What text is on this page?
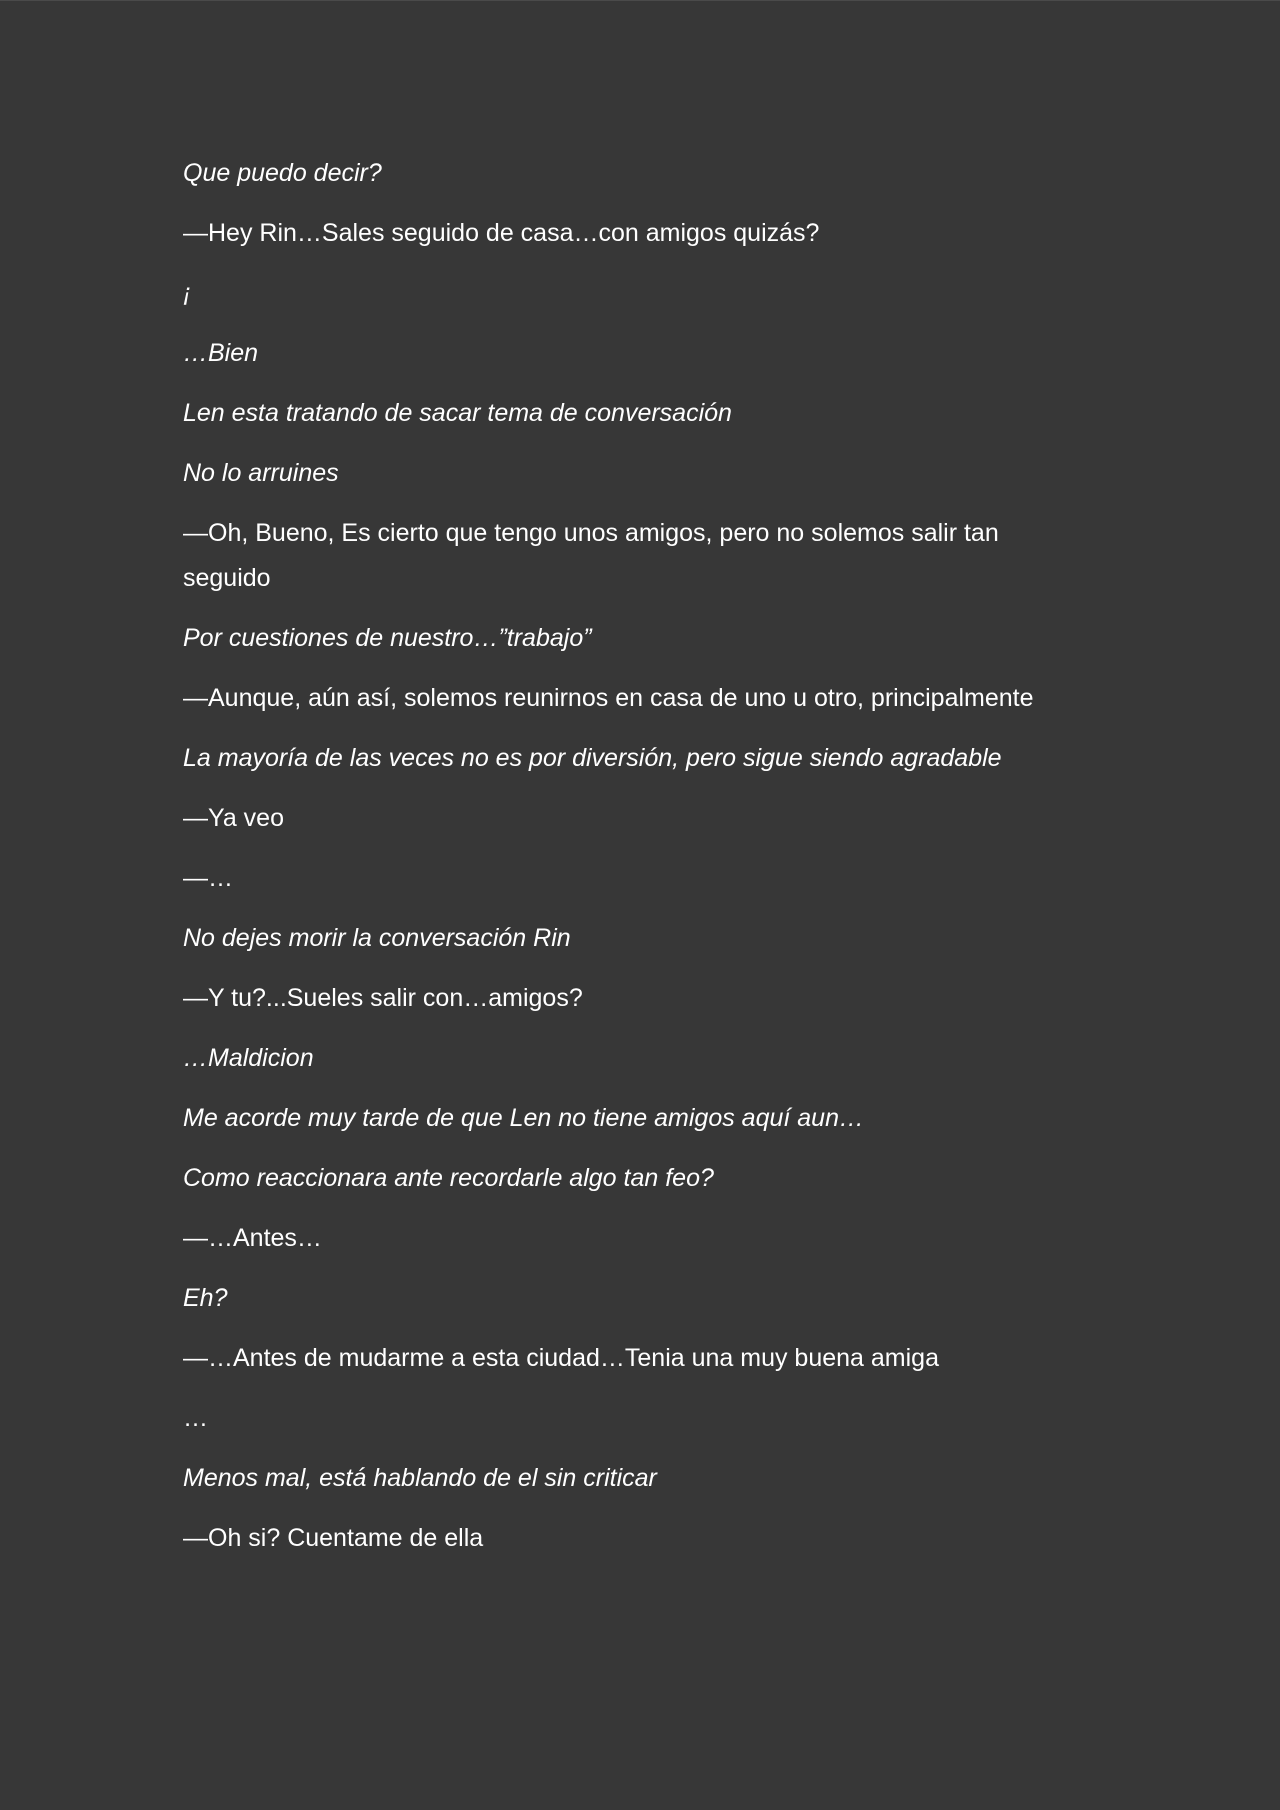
Que puedo decir?

—Hey Rin…Sales seguido de casa…con amigos quizás?

¡

…Bien

Len esta tratando de sacar tema de conversación

No lo arruines

—Oh, Bueno, Es cierto que tengo unos amigos, pero no solemos salir tan seguido

Por cuestiones de nuestro…”trabajo”

—Aunque, aún así, solemos reunirnos en casa de uno u otro, principalmente

La mayoría de las veces no es por diversión, pero sigue siendo agradable

—Ya veo

—…

No dejes morir la conversación Rin

—Y tu?...Sueles salir con…amigos?

…Maldicion

Me acorde muy tarde de que Len no tiene amigos aquí aun…

Como reaccionara ante recordarle algo tan feo?

—…Antes…

Eh?

—…Antes de mudarme a esta ciudad…Tenia una muy buena amiga

…

Menos mal, está hablando de el sin criticar

—Oh si? Cuentame de ella
